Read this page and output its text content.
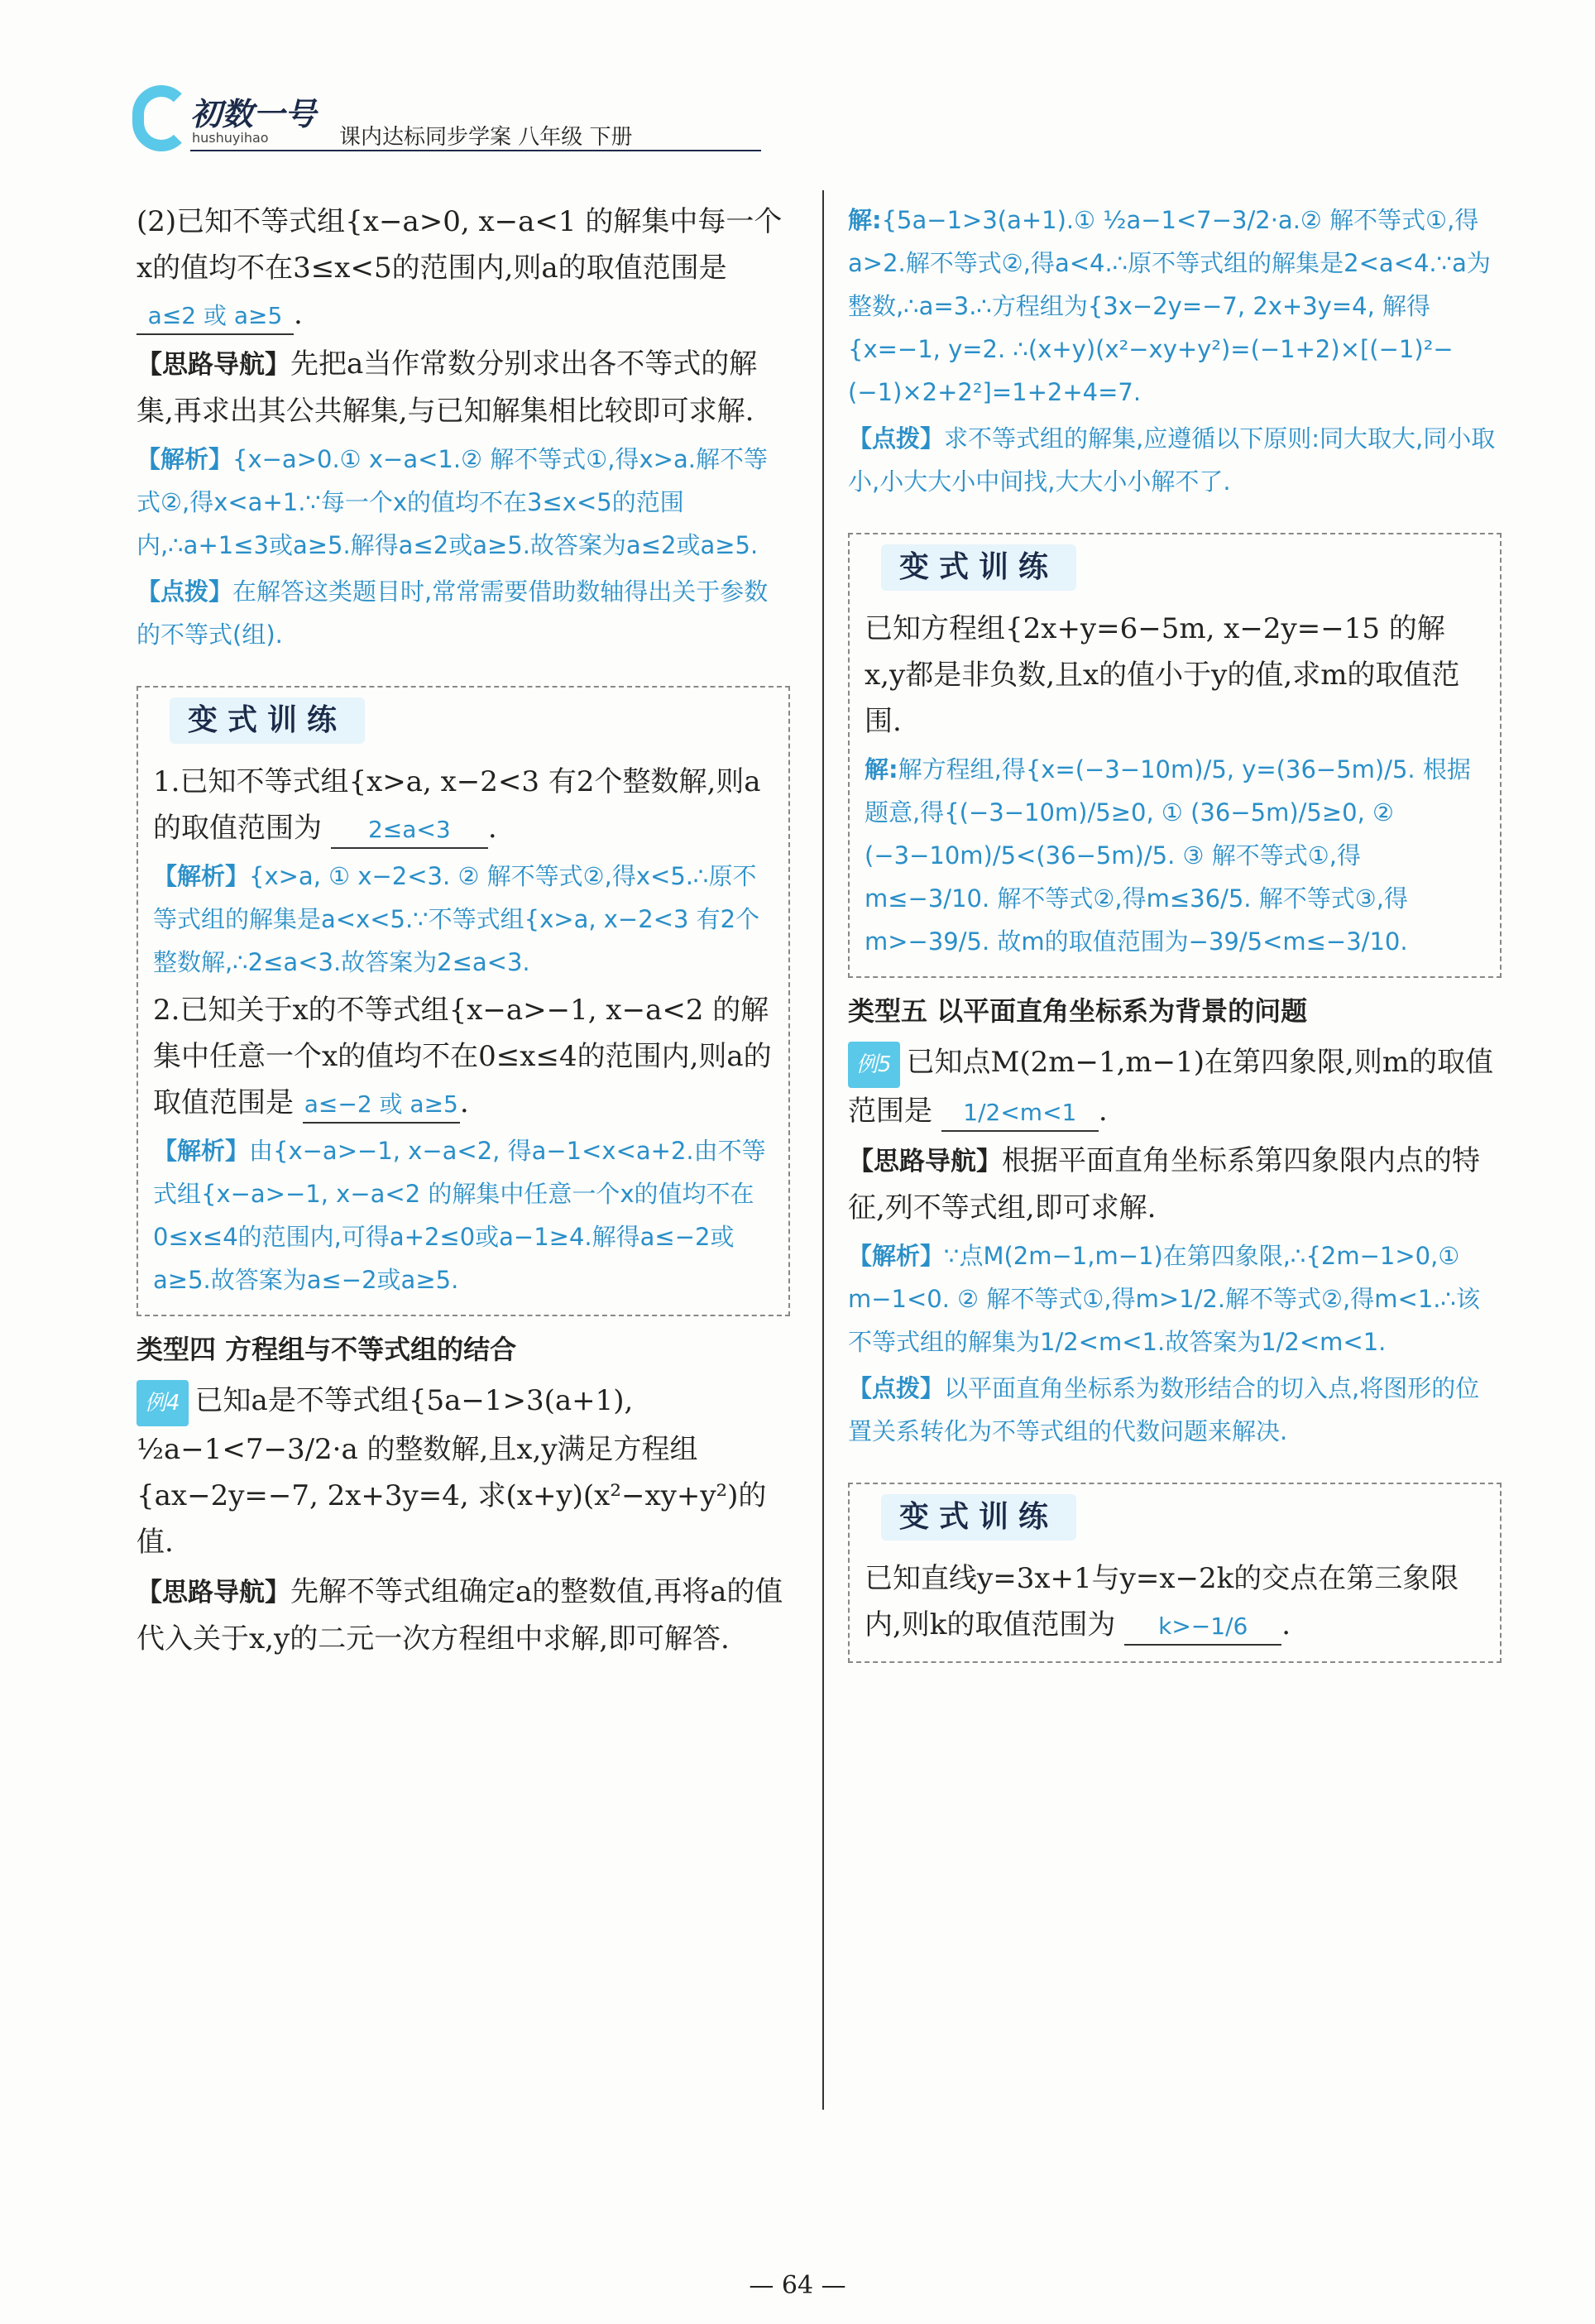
初数一号
hushuyihao	课内达标同步学案 八年级 下册

(2)已知不等式组{x−a>0, x−a<1 的解集中每一个x的值均不在3≤x<5的范围内,则a的取值范围是 a≤2 或 a≥5 .

【思路导航】先把a当作常数分别求出各不等式的解集,再求出其公共解集,与已知解集相比较即可求解.

【解析】{x−a>0.① x−a<1.② 解不等式①,得x>a.解不等式②,得x<a+1.∵每一个x的值均不在3≤x<5的范围内,∴a+1≤3或a≥5.解得a≤2或a≥5.故答案为a≤2或a≥5.

【点拨】在解答这类题目时,常常需要借助数轴得出关于参数的不等式(组).

变式训练

1.已知不等式组{x>a, x−2<3 有2个整数解,则a的取值范围为 2≤a<3 .

【解析】{x>a, ① x−2<3. ② 解不等式②,得x<5.∴原不等式组的解集是a<x<5.∵不等式组{x>a, x−2<3 有2个整数解,∴2≤a<3.故答案为2≤a<3.

2.已知关于x的不等式组{x−a>−1, x−a<2 的解集中任意一个x的值均不在0≤x≤4的范围内,则a的取值范围是 a≤−2 或 a≥5.

【解析】由{x−a>−1, x−a<2, 得a−1<x<a+2.由不等式组{x−a>−1, x−a<2 的解集中任意一个x的值均不在0≤x≤4的范围内,可得a+2≤0或a−1≥4.解得a≤−2或a≥5.故答案为a≤−2或a≥5.

类型四 方程组与不等式组的结合

例4 已知a是不等式组{5a−1>3(a+1), ½a−1<7−3/2·a 的整数解,且x,y满足方程组{ax−2y=−7, 2x+3y=4, 求(x+y)(x²−xy+y²)的值.

【思路导航】先解不等式组确定a的整数值,再将a的值代入关于x,y的二元一次方程组中求解,即可解答.

解:{5a−1>3(a+1).① ½a−1<7−3/2·a.② 解不等式①,得a>2.解不等式②,得a<4.∴原不等式组的解集是2<a<4.∵a为整数,∴a=3.∴方程组为{3x−2y=−7, 2x+3y=4, 解得{x=−1, y=2. ∴(x+y)(x²−xy+y²)=(−1+2)×[(−1)²−(−1)×2+2²]=1+2+4=7.

【点拨】求不等式组的解集,应遵循以下原则:同大取大,同小取小,小大大小中间找,大大小小解不了.

变式训练

已知方程组{2x+y=6−5m, x−2y=−15 的解x,y都是非负数,且x的值小于y的值,求m的取值范围.

解:解方程组,得{x=(−3−10m)/5, y=(36−5m)/5. 根据题意,得{(−3−10m)/5≥0, ① (36−5m)/5≥0, ② (−3−10m)/5<(36−5m)/5. ③ 解不等式①,得m≤−3/10. 解不等式②,得m≤36/5. 解不等式③,得m>−39/5. 故m的取值范围为−39/5<m≤−3/10.

类型五 以平面直角坐标系为背景的问题

例5 已知点M(2m−1,m−1)在第四象限,则m的取值范围是 1/2<m<1 .

【思路导航】根据平面直角坐标系第四象限内点的特征,列不等式组,即可求解.

【解析】∵点M(2m−1,m−1)在第四象限,∴{2m−1>0,① m−1<0. ② 解不等式①,得m>1/2.解不等式②,得m<1.∴该不等式组的解集为1/2<m<1.故答案为1/2<m<1.

【点拨】以平面直角坐标系为数形结合的切入点,将图形的位置关系转化为不等式组的代数问题来解决.

变式训练

已知直线y=3x+1与y=x−2k的交点在第三象限内,则k的取值范围为 k>−1/6 .

— 64 —
